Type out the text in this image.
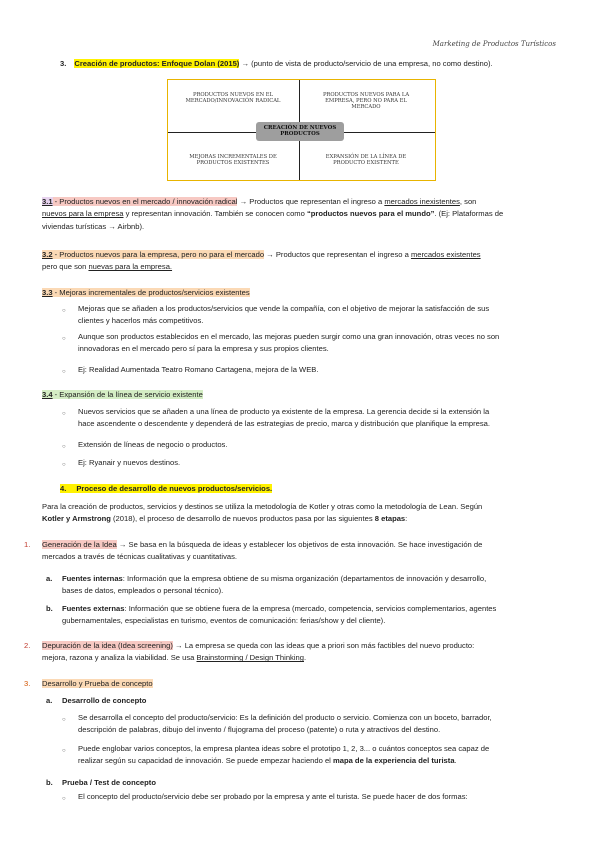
Marketing de Productos Turísticos
3. Creación de productos: Enfoque Dolan (2015) → (punto de vista de producto/servicio de una empresa, no como destino).
PRODUCTOS NUEVOS EN EL MERCADO/INNOVACIÓN RADICAL
PRODUCTOS NUEVOS PARA LA EMPRESA, PERO NO PARA EL MERCADO
MEJORAS INCREMENTALES DE PRODUCTOS EXISTENTES
EXPANSIÓN DE LA LÍNEA DE PRODUCTO EXISTENTE
CREACIÓN DE NUEVOS PRODUCTOS

3.1 - Productos nuevos en el mercado / innovación radical → Productos que representan el ingreso a mercados inexistentes, son

nuevos para la empresa y representan innovación. También se conocen como “productos nuevos para el mundo”. (Ej: Plataformas de

viviendas turísticas → Airbnb).

3.2 - Productos nuevos para la empresa, pero no para el mercado → Productos que representan el ingreso a mercados existentes

pero que son nuevas para la empresa.

3.3 - Mejoras incrementales de productos/servicios existentes

○ Mejoras que se añaden a los productos/servicios que vende la compañía, con el objetivo de mejorar la satisfacción de sus

clientes y hacerlos más competitivos.

○ Aunque son productos establecidos en el mercado, las mejoras pueden surgir como una gran innovación, otras veces no son

innovadoras en el mercado pero sí para la empresa y sus propios clientes.

○ Ej: Realidad Aumentada Teatro Romano Cartagena, mejora de la WEB.

3.4 - Expansión de la línea de servicio existente

○ Nuevos servicios que se añaden a una línea de producto ya existente de la empresa. La gerencia decide si la extensión la

hace ascendente o descendente y dependerá de las estrategias de precio, marca y distribución que planifique la empresa.

○ Extensión de líneas de negocio o productos.
○ Ej: Ryanair y nuevos destinos.
4. Proceso de desarrollo de nuevos productos/servicios.

Para la creación de productos, servicios y destinos se utiliza la metodología de Kotler y otras como la metodología de Lean. Según

Kotler y Armstrong (2018), el proceso de desarrollo de nuevos productos pasa por las siguientes 8 etapas:

1. Generación de la Idea → Se basa en la búsqueda de ideas y establecer los objetivos de esta innovación. Se hace investigación de

mercados a través de técnicas cualitativas y cuantitativas.

a. Fuentes internas: Información que la empresa obtiene de su misma organización (departamentos de innovación y desarrollo,

bases de datos, empleados o personal técnico).

b. Fuentes externas: Información que se obtiene fuera de la empresa (mercado, competencia, servicios complementarios, agentes

gubernamentales, especialistas en turismo, eventos de comunicación: ferias/show y del cliente).

2. Depuración de la idea (Idea screening) → La empresa se queda con las ideas que a priori son más factibles del nuevo producto:

mejora, razona y analiza la viabilidad. Se usa Brainstorming / Design Thinking.

3. Desarrollo y Prueba de concepto
a. Desarrollo de concepto
○ Se desarrolla el concepto del producto/servicio: Es la definición del producto o servicio. Comienza con un boceto, barrador,

descripción de palabras, dibujo del invento / flujograma del proceso (patente) o ruta y atractivos del destino.

○ Puede englobar varios conceptos, la empresa plantea ideas sobre el prototipo 1, 2, 3... o cuántos conceptos sea capaz de

realizar según su capacidad de innovación. Se puede empezar haciendo el mapa de la experiencia del turista.

b. Prueba / Test de concepto
○ El concepto del producto/servicio debe ser probado por la empresa y ante el turista. Se puede hacer de dos formas:
